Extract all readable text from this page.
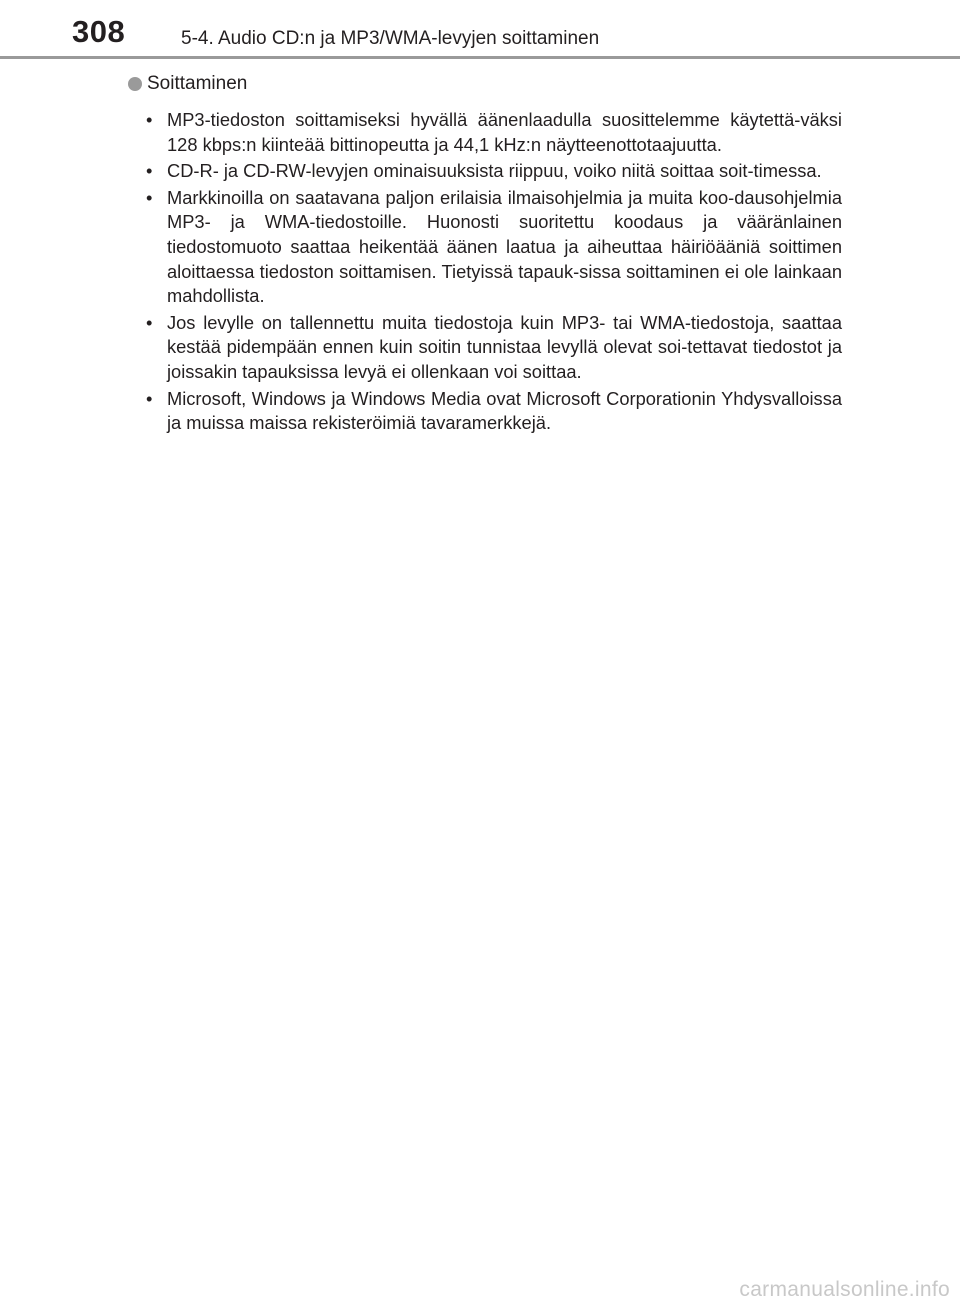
308	5-4. Audio CD:n ja MP3/WMA-levyjen soittaminen
Soittaminen
• MP3-tiedoston soittamiseksi hyvällä äänenlaadulla suosittelemme käytettä-väksi 128 kbps:n kiinteää bittinopeutta ja 44,1 kHz:n näytteenottotaajuutta.
• CD-R- ja CD-RW-levyjen ominaisuuksista riippuu, voiko niitä soittaa soit-timessa.
• Markkinoilla on saatavana paljon erilaisia ilmaisohjelmia ja muita koo-dausohjelmia MP3- ja WMA-tiedostoille. Huonosti suoritettu koodaus ja vääränlainen tiedostomuoto saattaa heikentää äänen laatua ja aiheuttaa häiriöääniä soittimen aloittaessa tiedoston soittamisen. Tietyissä tapauk-sissa soittaminen ei ole lainkaan mahdollista.
• Jos levylle on tallennettu muita tiedostoja kuin MP3- tai WMA-tiedostoja, saattaa kestää pidempään ennen kuin soitin tunnistaa levyllä olevat soi-tettavat tiedostot ja joissakin tapauksissa levyä ei ollenkaan voi soittaa.
• Microsoft, Windows ja Windows Media ovat Microsoft Corporationin Yhdysvalloissa ja muissa maissa rekisteröimiä tavaramerkkejä.
carmanualsonline.info
